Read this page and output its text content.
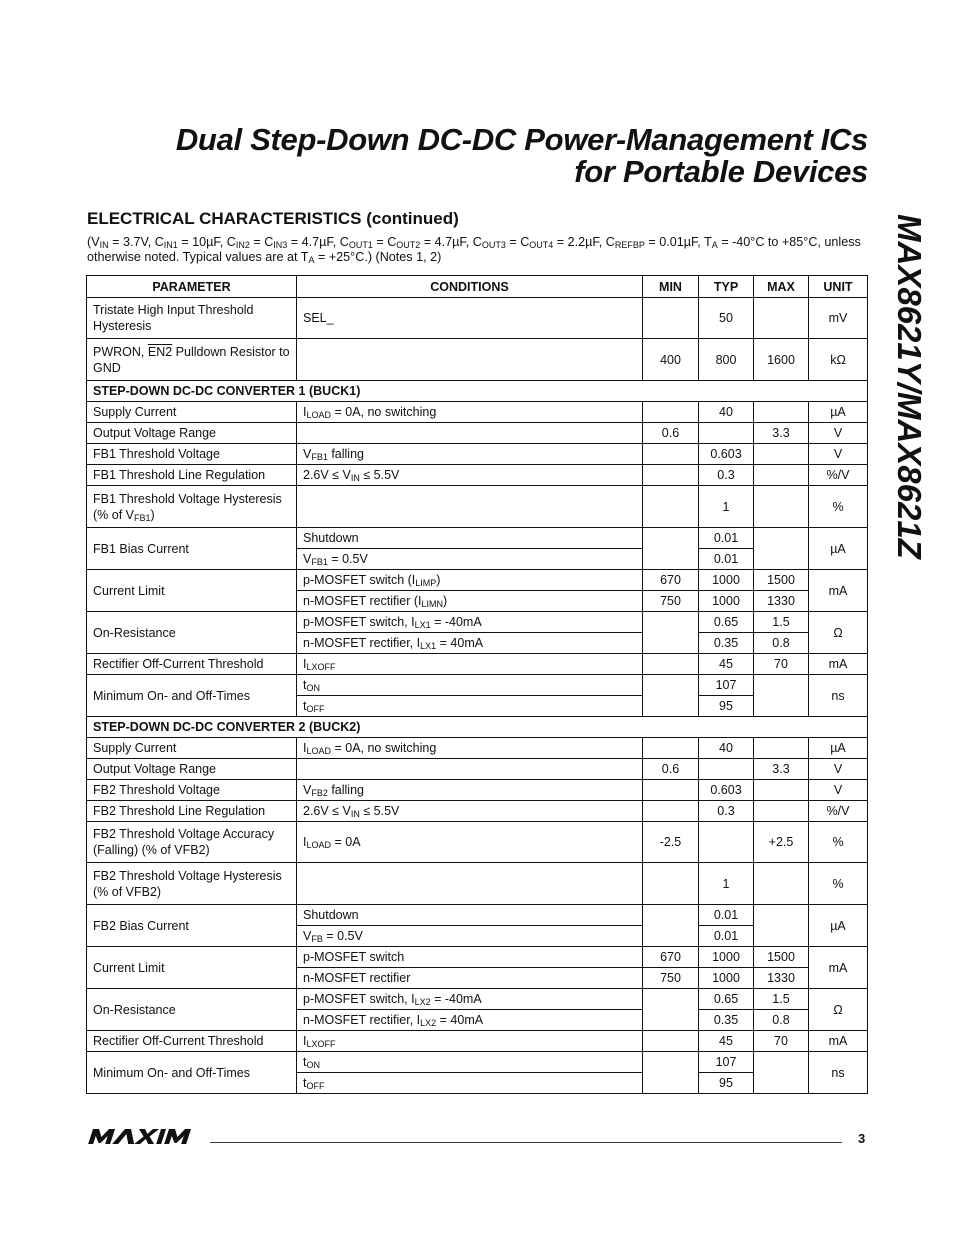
Dual Step-Down DC-DC Power-Management ICs
for Portable Devices
MAX8621Y/MAX8621Z
ELECTRICAL CHARACTERISTICS (continued)
($V_{IN} = 3.7V$, $C_{IN1} = 10\mu F$, $C_{IN2} = C_{IN3} = 4.7\mu F$, $C_{OUT1} = C_{OUT2} = 4.7\mu F$, $C_{OUT3} = C_{OUT4} = 2.2\mu F$, $C_{REFBP} = 0.01\mu F$, $T_A = -40^\circ C$ to +85°C, unless otherwise noted. Typical values are at $T_A = +25^\circ C$.) (Notes 1, 2)
PARAMETER	CONDITIONS	MIN	TYP	MAX	UNIT
Tristate High Input Threshold Hysteresis	SEL_		50		mV
PWRON, EN2 Pulldown Resistor to GND		400	800	1600	kΩ
STEP-DOWN DC-DC CONVERTER 1 (BUCK1)					
Supply Current	$I_{LOAD} = 0A$, no switching		40		µA
Output Voltage Range		0.6		3.3	V
FB1 Threshold Voltage	$V_{FB1}$ falling		0.603		V
FB1 Threshold Line Regulation	$2.6V \le V_{IN} \le 5.5V$		0.3		%/V
FB1 Threshold Voltage Hysteresis (% of $V_{FB1}$)			1		%
FB1 Bias Current	Shutdown		0.01		µA
	$V_{FB1} = 0.5V$		0.01		
Current Limit	p-MOSFET switch $(I_{LIMP})$	670	1000	1500	mA
	n-MOSFET rectifier $(I_{LIMN})$	750	1000	1330	
On-Resistance	p-MOSFET switch, $I_{LX1} = -40mA$		0.65	1.5	Ω
	n-MOSFET rectifier, $I_{LX1} = 40mA$		0.35	0.8	
Rectifier Off-Current Threshold	$I_{LXOFF}$		45	70	mA
Minimum On- and Off-Times	$t_{ON}$		107		ns
	$t_{OFF}$		95		
STEP-DOWN DC-DC CONVERTER 2 (BUCK2)					
Supply Current	$I_{LOAD} = 0A$, no switching		40		µA
Output Voltage Range		0.6		3.3	V
FB2 Threshold Voltage	$V_{FB2}$ falling		0.603		V
FB2 Threshold Line Regulation	$2.6V \le V_{IN} \le 5.5V$		0.3		%/V
FB2 Threshold Voltage Accuracy (Falling) (% of VFB2)	$I_{LOAD} = 0A$	-2.5		+2.5	%
FB2 Threshold Voltage Hysteresis (% of VFB2)			1		%
FB2 Bias Current	Shutdown		0.01		µA
	$V_{FB} = 0.5V$		0.01		
Current Limit	p-MOSFET switch	670	1000	1500	mA
	n-MOSFET rectifier	750	1000	1330	
On-Resistance	p-MOSFET switch, $I_{LX2} = -40mA$		0.65	1.5	Ω
	n-MOSFET rectifier, $I_{LX2} = 40mA$		0.35	0.8	
Rectifier Off-Current Threshold	$I_{LXOFF}$		45	70	mA
Minimum On- and Off-Times	$t_{ON}$		107		ns
	$t_{OFF}$		95		
3
